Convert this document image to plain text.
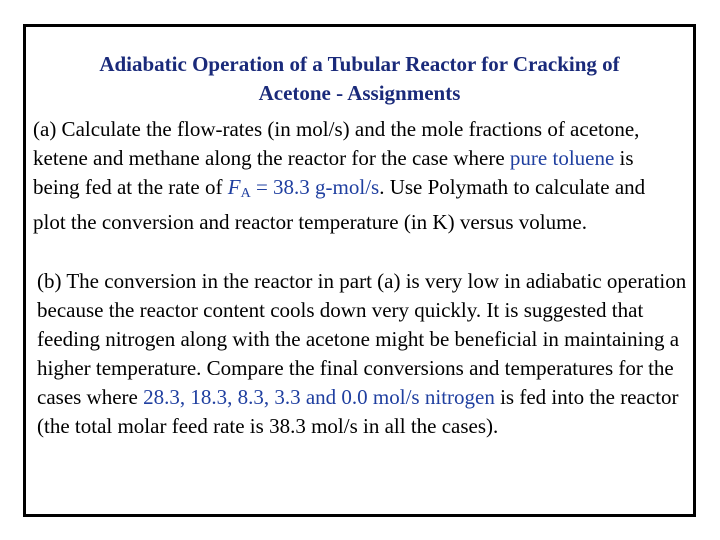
Adiabatic Operation of a Tubular Reactor for Cracking of
Acetone - Assignments

(a) Calculate the flow-rates (in mol/s) and the mole fractions of acetone, ketene and methane along the reactor for the case where pure toluene is being fed at the rate of $F_A = 38.3$ g-mol/s. Use Polymath to calculate and plot the conversion and reactor temperature (in K) versus volume.

(b) The conversion in the reactor in part (a) is very low in adiabatic operation because the reactor content cools down very quickly. It is suggested that feeding nitrogen along with the acetone might be beneficial in maintaining a higher temperature. Compare the final conversions and temperatures for the cases where 28.3, 18.3, 8.3, 3.3 and 0.0 mol/s nitrogen is fed into the reactor (the total molar feed rate is 38.3 mol/s in all the cases).
